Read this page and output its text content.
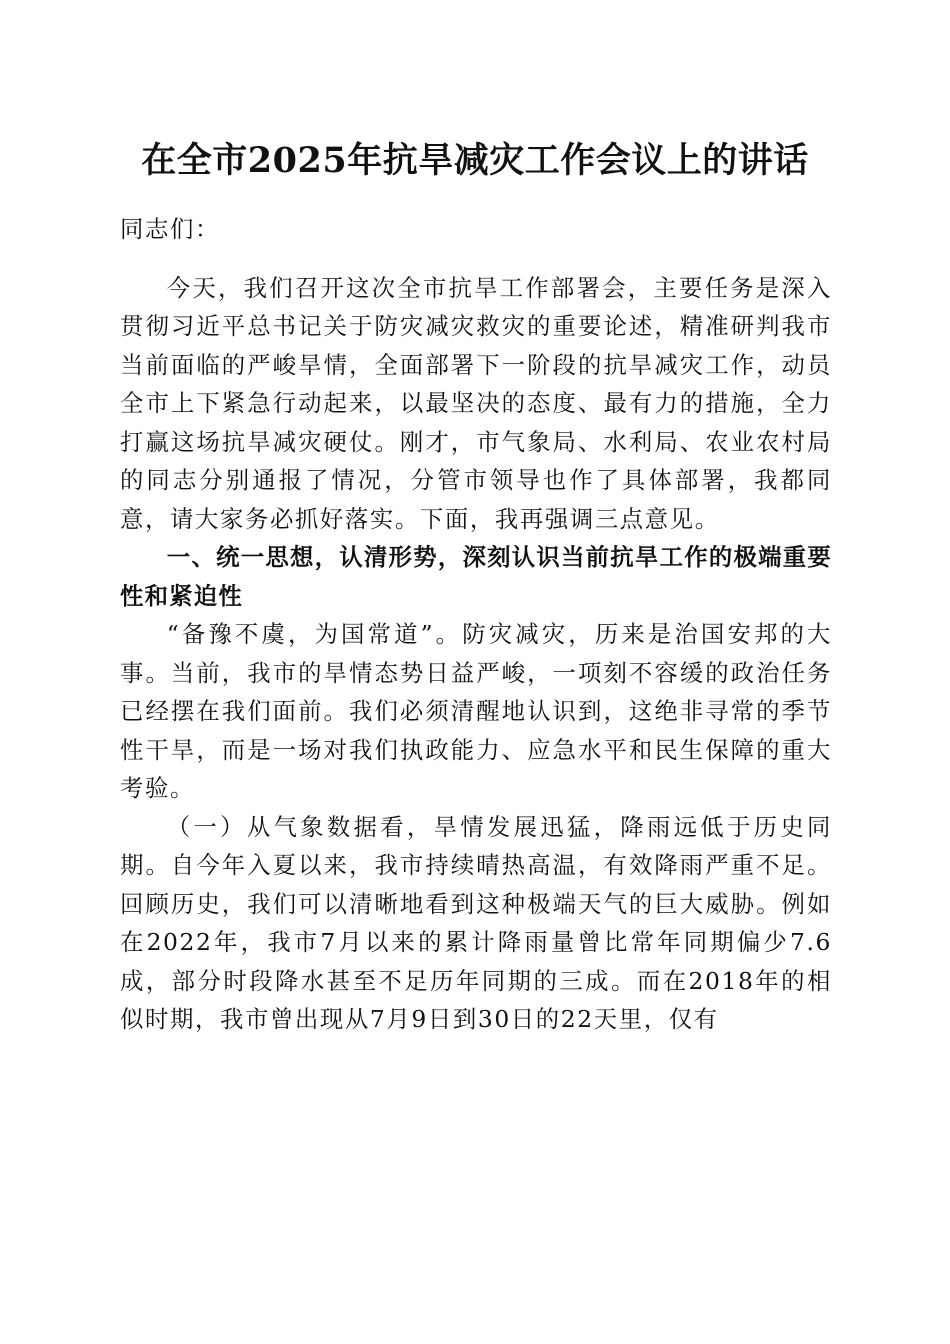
在全市2025年抗旱减灾工作会议上的讲话

同志们：

今天，我们召开这次全市抗旱工作部署会，主要任务是深入贯彻习近平总书记关于防灾减灾救灾的重要论述，精准研判我市当前面临的严峻旱情，全面部署下一阶段的抗旱减灾工作，动员全市上下紧急行动起来，以最坚决的态度、最有力的措施，全力打赢这场抗旱减灾硬仗。刚才，市气象局、水利局、农业农村局的同志分别通报了情况，分管市领导也作了具体部署，我都同意，请大家务必抓好落实。下面，我再强调三点意见。

一、统一思想，认清形势，深刻认识当前抗旱工作的极端重要性和紧迫性

“备豫不虞，为国常道”。防灾减灾，历来是治国安邦的大事。当前，我市的旱情态势日益严峻，一项刻不容缓的政治任务已经摆在我们面前。我们必须清醒地认识到，这绝非寻常的季节性干旱，而是一场对我们执政能力、应急水平和民生保障的重大考验。

（一）从气象数据看，旱情发展迅猛，降雨远低于历史同期。自今年入夏以来，我市持续晴热高温，有效降雨严重不足。回顾历史，我们可以清晰地看到这种极端天气的巨大威胁。例如在2022年，我市7月以来的累计降雨量曾比常年同期偏少7.6成，部分时段降水甚至不足历年同期的三成。而在2018年的相似时期，我市曾出现从7月9日到30日的22天里，仅有
